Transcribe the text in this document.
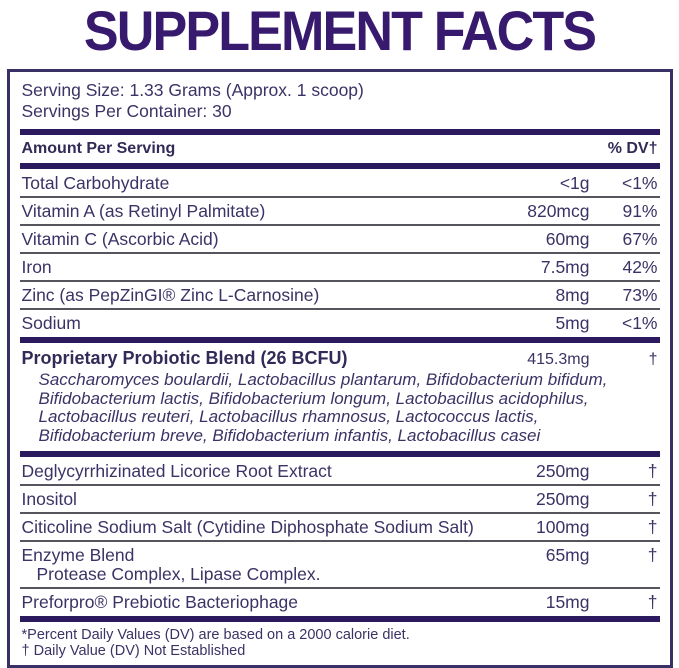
SUPPLEMENT FACTS
Serving Size: 1.33 Grams (Approx. 1 scoop)
Servings Per Container: 30
Amount Per Serving	% DV†
Total Carbohydrate	<1g	<1%
Vitamin A (as Retinyl Palmitate)	820mcg	91%
Vitamin C (Ascorbic Acid)	60mg	67%
Iron	7.5mg	42%
Zinc (as PepZinGI® Zinc L-Carnosine)	8mg	73%
Sodium	5mg	<1%
Proprietary Probiotic Blend (26 BCFU)	415.3mg	†
Saccharomyces boulardii, Lactobacillus plantarum, Bifidobacterium bifidum, Bifidobacterium lactis, Bifidobacterium longum, Lactobacillus acidophilus, Lactobacillus reuteri, Lactobacillus rhamnosus, Lactococcus lactis, Bifidobacterium breve, Bifidobacterium infantis, Lactobacillus casei
Deglycyrrhizinated Licorice Root Extract	250mg	†
Inositol	250mg	†
Citicoline Sodium Salt (Cytidine Diphosphate Sodium Salt)	100mg	†
Enzyme Blend	65mg	†
Protease Complex, Lipase Complex.
Preforpro® Prebiotic Bacteriophage	15mg	†
*Percent Daily Values (DV) are based on a 2000 calorie diet.
† Daily Value (DV) Not Established
